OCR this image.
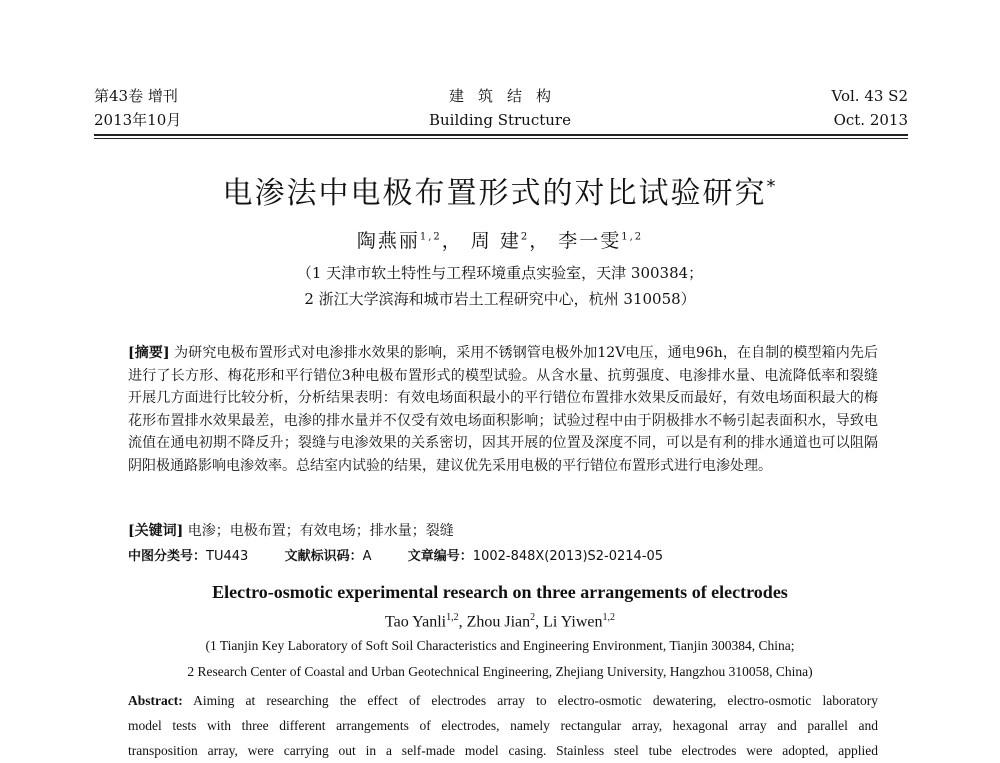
第43卷 增刊
2013年10月
建筑结构
Building Structure
Vol. 43 S2
Oct. 2013
电渗法中电极布置形式的对比试验研究*
陶燕丽$^{1,2}$， 周 建$^2$， 李一雯$^{1,2}$
（1 天津市软土特性与工程环境重点实验室，天津 300384；
2 浙江大学滨海和城市岩土工程研究中心，杭州 310058）
[摘要] 为研究电极布置形式对电渗排水效果的影响，采用不锈钢管电极外加12V电压，通电96h，在自制的模型箱内先后进行了长方形、梅花形和平行错位3种电极布置形式的模型试验。从含水量、抗剪强度、电渗排水量、电流降低率和裂缝开展几方面进行比较分析，分析结果表明：有效电场面积最小的平行错位布置排水效果反而最好，有效电场面积最大的梅花形布置排水效果最差，电渗的排水量并不仅受有效电场面积影响；试验过程中由于阴极排水不畅引起表面积水，导致电流值在通电初期不降反升；裂缝与电渗效果的关系密切，因其开展的位置及深度不同，可以是有利的排水通道也可以阻隔阴阳极通路影响电渗效率。总结室内试验的结果，建议优先采用电极的平行错位布置形式进行电渗处理。
[关键词] 电渗；电极布置；有效电场；排水量；裂缝
中图分类号：TU443	文献标识码：A	文章编号：1002-848X(2013)S2-0214-05
Electro-osmotic experimental research on three arrangements of electrodes
Tao Yanli$^{1,2}$, Zhou Jian$^2$, Li Yiwen$^{1,2}$
(1 Tianjin Key Laboratory of Soft Soil Characteristics and Engineering Environment, Tianjin 300384, China;
2 Research Center of Coastal and Urban Geotechnical Engineering, Zhejiang University, Hangzhou 310058, China)
Abstract: Aiming at researching the effect of electrodes array to electro-osmotic dewatering, electro-osmotic laboratory
model tests with three different arrangements of electrodes, namely rectangular array, hexagonal array and parallel and
transposition array, were carrying out in a self-made model casing. Stainless steel tube electrodes were adopted, applied
